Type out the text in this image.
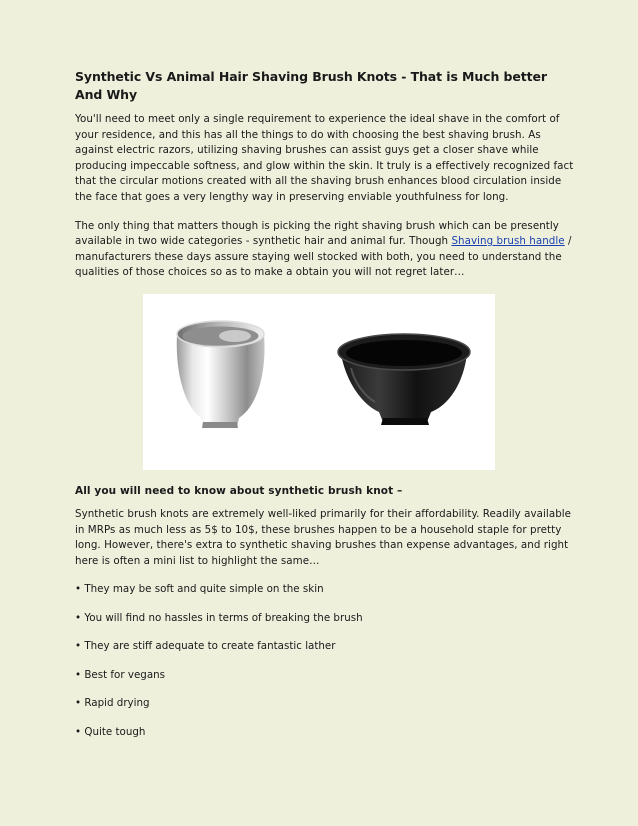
Synthetic Vs Animal Hair Shaving Brush Knots - That is Much better And Why

You'll need to meet only a single requirement to experience the ideal shave in the comfort of your residence, and this has all the things to do with choosing the best shaving brush. As against electric razors, utilizing shaving brushes can assist guys get a closer shave while producing impeccable softness, and glow within the skin. It truly is a effectively recognized fact that the circular motions created with all the shaving brush enhances blood circulation inside the face that goes a very lengthy way in preserving enviable youthfulness for long.

The only thing that matters though is picking the right shaving brush which can be presently available in two wide categories - synthetic hair and animal fur. Though Shaving brush handle / manufacturers these days assure staying well stocked with both, you need to understand the qualities of those choices so as to make a obtain you will not regret later…

All you will need to know about synthetic brush knot –

Synthetic brush knots are extremely well-liked primarily for their affordability. Readily available in MRPs as much less as 5$ to 10$, these brushes happen to be a household staple for pretty long. However, there's extra to synthetic shaving brushes than expense advantages, and right here is often a mini list to highlight the same…

• They may be soft and quite simple on the skin
• You will find no hassles in terms of breaking the brush
• They are stiff adequate to create fantastic lather
• Best for vegans
• Rapid drying
• Quite tough
